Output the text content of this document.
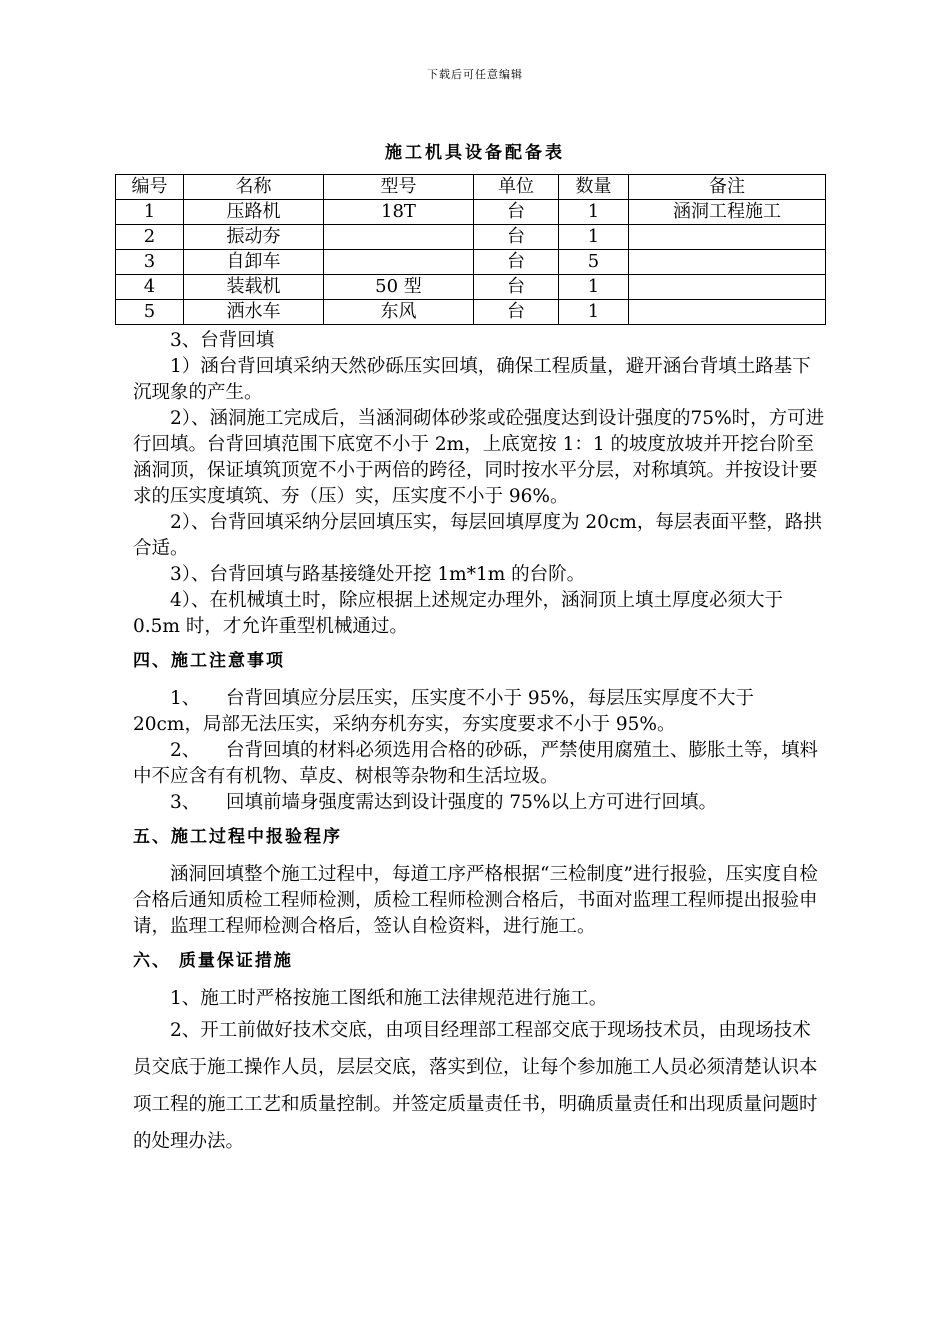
下载后可任意编辑
施工机具设备配备表
编号	名称	型号	单位	数量	备注
1	压路机	18T	台	1	涵洞工程施工
2	振动夯		台	1	
3	自卸车		台	5	
4	装载机	50 型	台	1	
5	洒水车	东风	台	1	

3、台背回填

1）涵台背回填采纳天然砂砾压实回填，确保工程质量，避开涵台背填土路基下沉现象的产生。

2）、涵洞施工完成后，当涵洞砌体砂浆或砼强度达到设计强度的75%时，方可进行回填。台背回填范围下底宽不小于 2m，上底宽按 1：1 的坡度放坡并开挖台阶至涵洞顶，保证填筑顶宽不小于两倍的跨径，同时按水平分层，对称填筑。并按设计要求的压实度填筑、夯（压）实，压实度不小于 96%。

2）、台背回填采纳分层回填压实，每层回填厚度为 20cm，每层表面平整，路拱合适。

3）、台背回填与路基接缝处开挖 1m*1m 的台阶。

4）、在机械填土时，除应根据上述规定办理外，涵洞顶上填土厚度必须大于 0.5m 时，才允许重型机械通过。

四、施工注意事项

1、 台背回填应分层压实，压实度不小于 95%，每层压实厚度不大于 20cm，局部无法压实，采纳夯机夯实，夯实度要求不小于 95%。

2、 台背回填的材料必须选用合格的砂砾，严禁使用腐殖土、膨胀土等，填料中不应含有有机物、草皮、树根等杂物和生活垃圾。

3、 回填前墙身强度需达到设计强度的 75%以上方可进行回填。

五、施工过程中报验程序

涵洞回填整个施工过程中，每道工序严格根据“三检制度”进行报验，压实度自检合格后通知质检工程师检测，质检工程师检测合格后，书面对监理工程师提出报验申请，监理工程师检测合格后，签认自检资料，进行施工。

六、 质量保证措施

1、施工时严格按施工图纸和施工法律规范进行施工。

2、开工前做好技术交底，由项目经理部工程部交底于现场技术员，由现场技术员交底于施工操作人员，层层交底，落实到位，让每个参加施工人员必须清楚认识本项工程的施工工艺和质量控制。并签定质量责任书，明确质量责任和出现质量问题时的处理办法。
